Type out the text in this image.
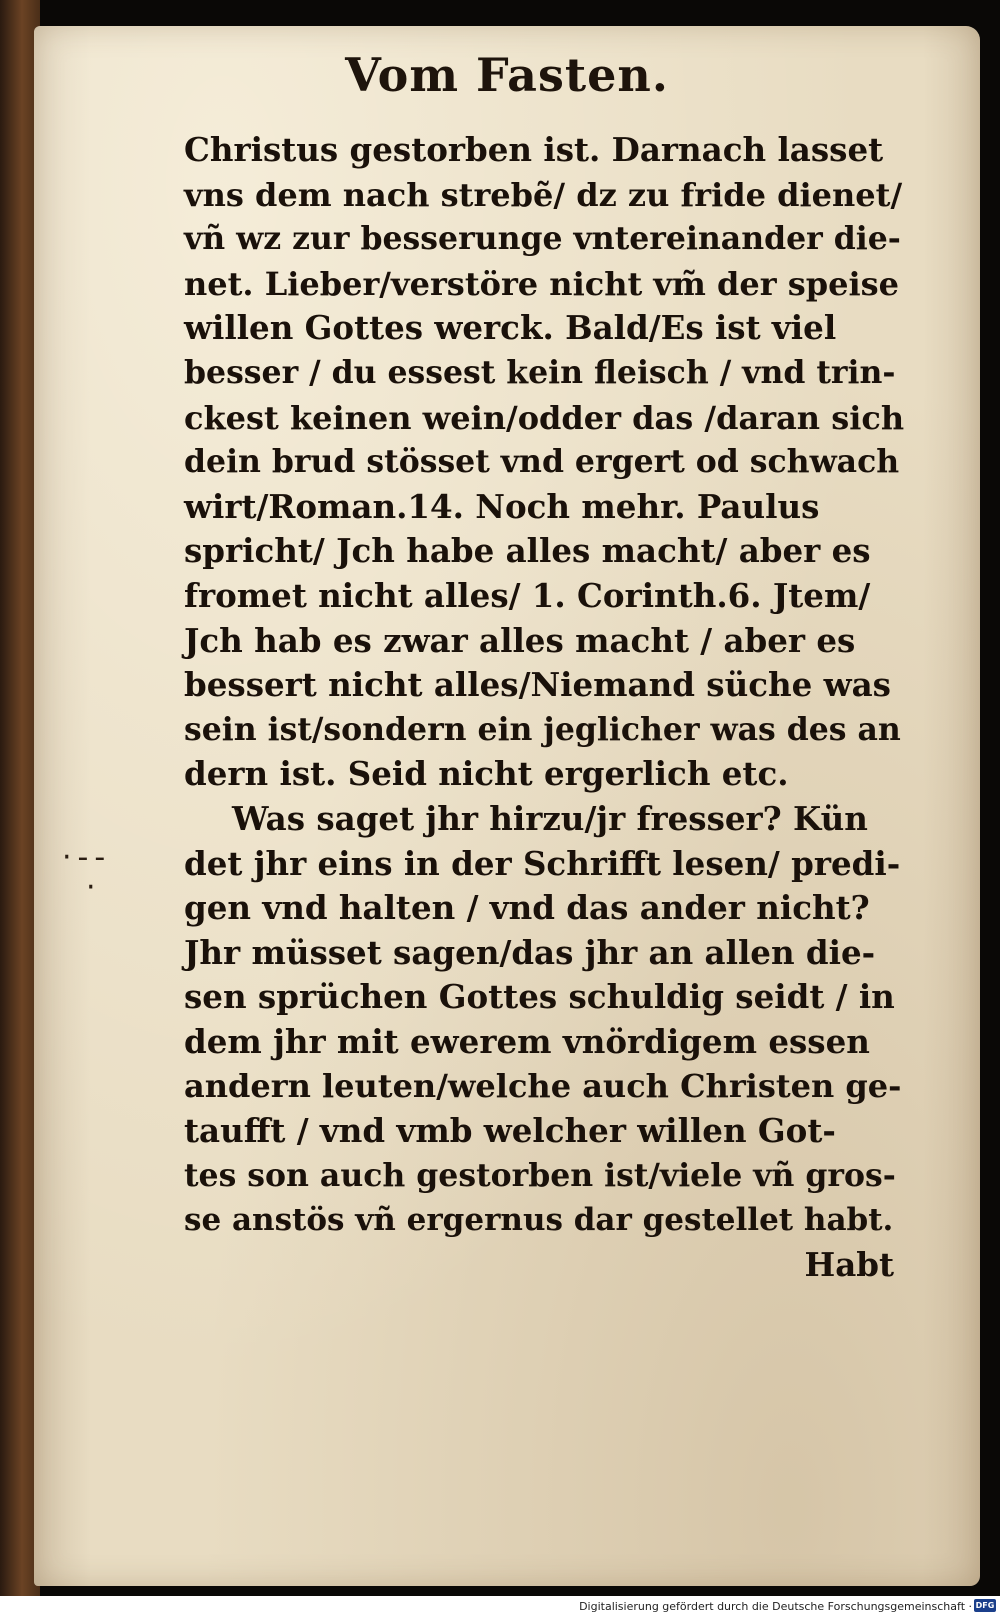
Vom Fasten.
Christus gestorben ist. Darnach lasset
vns dem nach strebẽ/ dz zu fride dienet/
vñ wz zur besserunge vntereinander die-
net. Lieber/verstöre nicht vm̃ der speise
willen Gottes werck. Bald/Es ist viel
besser / du essest kein fleisch / vnd trin-
ckest keinen wein/odder das /daran sich
dein brud stösset vnd ergert od schwach
wirt/Roman.14. Noch mehr. Paulus
spricht/ Jch habe alles macht/ aber es
fromet nicht alles/ 1. Corinth.6. Jtem/
Jch hab es zwar alles macht / aber es
bessert nicht alles/Niemand süche was
sein ist/sondern ein jeglicher was des an
dern ist. Seid nicht ergerlich etc.
Was saget jhr hirzu/jr fresser? Kün
det jhr eins in der Schrifft lesen/ predi-
gen vnd halten / vnd das ander nicht?
Jhr müsset sagen/das jhr an allen die-
sen sprüchen Gottes schuldig seidt / in
dem jhr mit ewerem vnördigem essen
andern leuten/welche auch Christen ge-
taufft / vnd vmb welcher willen Got-
tes son auch gestorben ist/viele vñ gros-
se anstös vñ ergernus dar gestellet habt.
Habt
·‑‑
·
Digitalisierung gefördert durch die Deutsche Forschungsgemeinschaft · DFG
